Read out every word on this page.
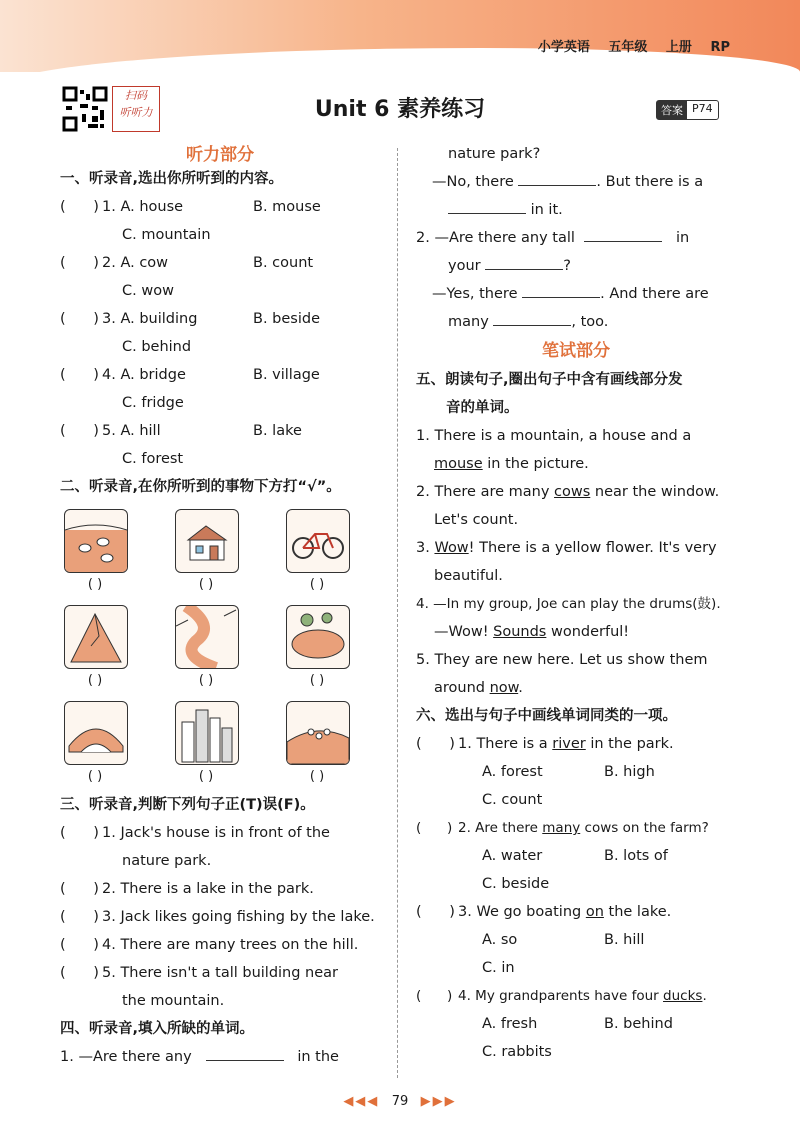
小学英语 五年级 上册 RP
扫码
听听力	Unit 6 素养练习	答案 P74
听力部分
一、听录音,选出你所听到的内容。
(      ) 1. A. house	B. mouse
C. mountain
(      ) 2. A. cow	B. count
C. wow
(      ) 3. A. building	B. beside
C. behind
(      ) 4. A. bridge	B. village
C. fridge
(      ) 5. A. hill	B. lake
C. forest
二、听录音,在你所听到的事物下方打“√”。
( )	( )	( )
( )	( )	( )
( )	( )	( )
三、听录音,判断下列句子正(T)误(F)。
(      ) 1. Jack's house is in front of the
nature park.
(      ) 2. There is a lake in the park.
(      ) 3. Jack likes going fishing by the lake.
(      ) 4. There are many trees on the hill.
(      ) 5. There isn't a tall building near
the mountain.
四、听录音,填入所缺的单词。
1. —Are there any	in the
nature park?
—No, there	. But there is a
in it.
2. —Are there any tall	in
your	?
—Yes, there	. And there are
many	, too.
笔试部分
五、朗读句子,圈出句子中含有画线部分发
音的单词。
1. There is a mountain, a house and a
mouse in the picture.
2. There are many cows near the window.
Let's count.
3. Wow! There is a yellow flower. It's very
beautiful.
4. —In my group, Joe can play the drums(鼓).
—Wow! Sounds wonderful!
5. They are new here. Let us show them
around now.
六、选出与句子中画线单词同类的一项。
(      ) 1. There is a river in the park.
A. forest	B. high
C. count
(      ) 2. Are there many cows on the farm?
A. water	B. lots of
C. beside
(      ) 3. We go boating on the lake.
A. so	B. hill
C. in
(      ) 4. My grandparents have four ducks.
A. fresh	B. behind
C. rabbits
◀◀◀ 79 ▶▶▶
